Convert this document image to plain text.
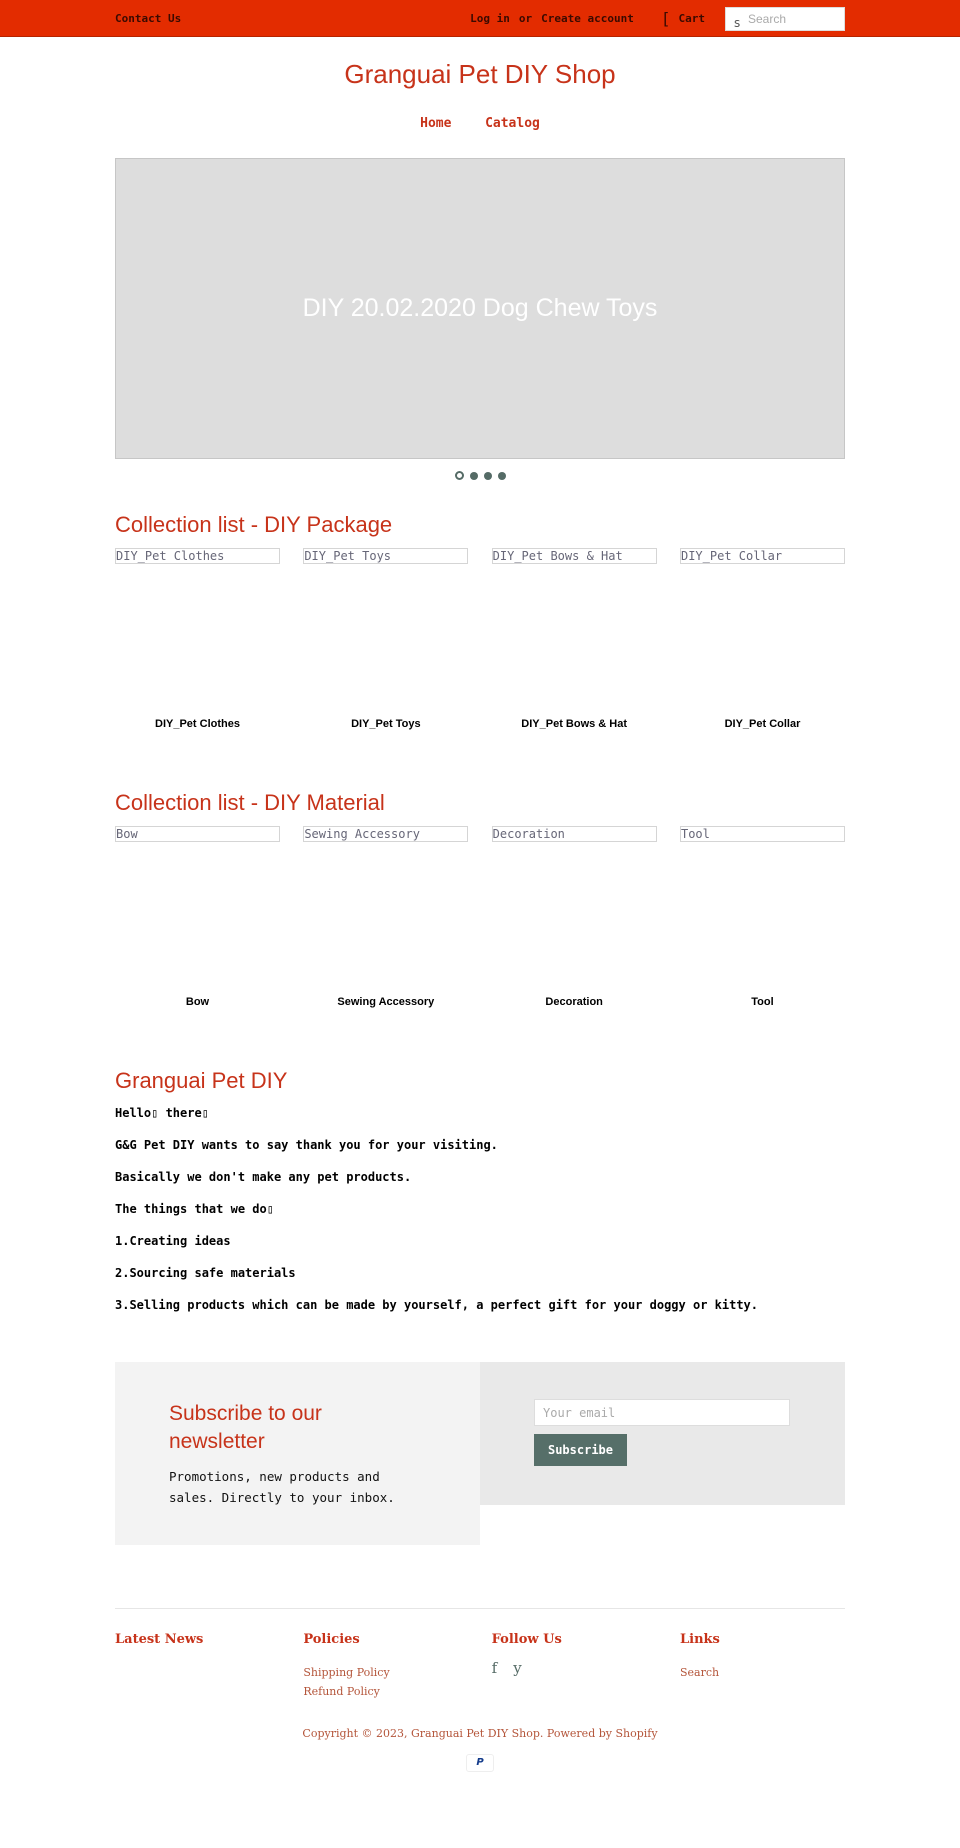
Contact Us	Log in or Create account [ Cart s
Search
Granguai Pet DIY Shop
Home	Catalog
DIY 20.02.2020 Dog Chew Toys
Collection list - DIY Package
DIY_Pet Clothes
DIY_Pet Clothes
DIY_Pet Toys
DIY_Pet Toys
DIY_Pet Bows & Hat
DIY_Pet Bows & Hat
DIY_Pet Collar
DIY_Pet Collar
Collection list - DIY Material
Bow
Bow
Sewing Accessory
Sewing Accessory
Decoration
Decoration
Tool
Tool
Granguai Pet DIY

Hello▯ there▯

G&G Pet DIY wants to say thank you for your visiting.

Basically we don't make any pet products.

The things that we do▯

1.Creating ideas

2.Sourcing safe materials

3.Selling products which can be made by yourself, a perfect gift for your doggy or kitty.

Subscribe to our newsletter

Promotions, new products and sales. Directly to your inbox.

Your email
Subscribe
Latest News	Policies
Shipping Policy
Refund Policy
Follow Us
f y
Links
Search
Copyright © 2023, Granguai Pet DIY Shop. Powered by Shopify
P
